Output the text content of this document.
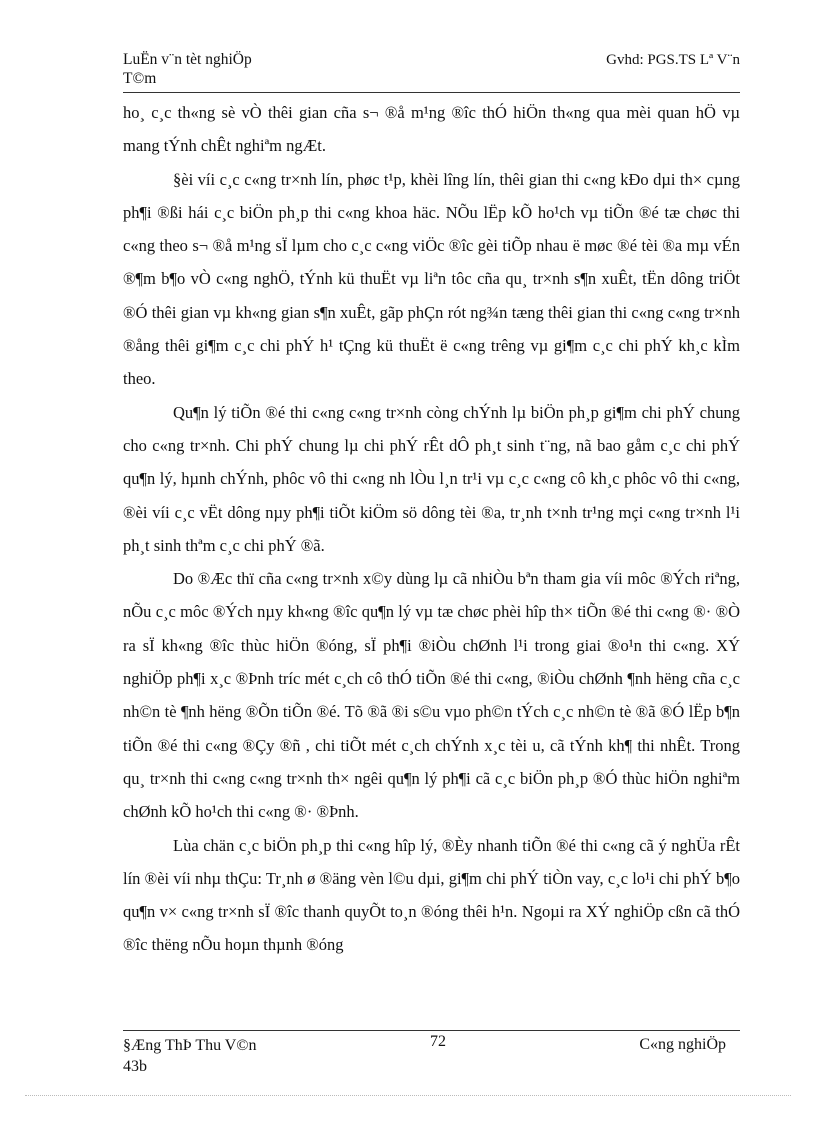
LuËn v¨n tèt nghiÖp
T©m
Gvhd: PGS.TS Lª V¨n

ho¸ c¸c th«ng sè vÒ thêi gian cña s¬ ®å m¹ng ®îc thÓ hiÖn th«ng qua mèi quan hÖ vµ mang tÝnh chÊt nghiªm ngÆt.

§èi víi c¸c c«ng tr×nh lín, phøc t¹p, khèi lîng lín, thêi gian thi c«ng kÐo dµi th× cµng ph¶i ®ßi hái c¸c biÖn ph¸p thi c«ng khoa häc. NÕu lËp kÕ ho¹ch vµ tiÕn ®é tæ chøc thi c«ng theo s¬ ®å m¹ng sÏ lµm cho c¸c c«ng viÖc ®îc gèi tiÕp nhau ë møc ®é tèi ®a mµ vÉn ®¶m b¶o vÒ c«ng nghÖ, tÝnh kü thuËt vµ liªn tôc cña qu¸ tr×nh s¶n xuÊt, tËn dông triÖt ®Ó thêi gian vµ kh«ng gian s¶n xuÊt, gãp phÇn rót ng¾n tæng thêi gian thi c«ng c«ng tr×nh ®ång thêi gi¶m c¸c chi phÝ h¹ tÇng kü thuËt ë c«ng trêng vµ gi¶m c¸c chi phÝ kh¸c kÌm theo.

Qu¶n lý tiÕn ®é thi c«ng c«ng tr×nh còng chÝnh lµ biÖn ph¸p gi¶m chi phÝ chung cho c«ng tr×nh. Chi phÝ chung lµ chi phÝ rÊt dÔ ph¸t sinh t¨ng, nã bao gåm c¸c chi phÝ qu¶n lý, hµnh chÝnh, phôc vô thi c«ng nh lÒu l¸n tr¹i vµ c¸c c«ng cô kh¸c phôc vô thi c«ng, ®èi víi c¸c vËt dông nµy ph¶i tiÕt kiÖm sö dông tèi ®a, tr¸nh t×nh tr¹ng mçi c«ng tr×nh l¹i ph¸t sinh thªm c¸c chi phÝ ®ã.

Do ®Æc thï cña c«ng tr×nh x©y dùng lµ cã nhiÒu bªn tham gia víi môc ®Ých riªng, nÕu c¸c môc ®Ých nµy kh«ng ®îc qu¶n lý vµ tæ chøc phèi hîp th× tiÕn ®é thi c«ng ®· ®Ò ra sÏ kh«ng ®îc thùc hiÖn ®óng, sÏ ph¶i ®iÒu chØnh l¹i trong giai ®o¹n thi c«ng. XÝ nghiÖp ph¶i x¸c ®Þnh tríc mét c¸ch cô thÓ tiÕn ®é thi c«ng, ®iÒu chØnh ¶nh hëng cña c¸c nh©n tè ¶nh hëng ®Õn tiÕn ®é. Tõ ®ã ®i s©u vµo ph©n tÝch c¸c nh©n tè ®ã ®Ó lËp b¶n tiÕn ®é thi c«ng ®Çy ®ñ , chi tiÕt mét c¸ch chÝnh x¸c tèi u, cã tÝnh kh¶ thi nhÊt. Trong qu¸ tr×nh thi c«ng c«ng tr×nh th× ngêi qu¶n lý ph¶i cã c¸c biÖn ph¸p ®Ó thùc hiÖn nghiªm chØnh kÕ ho¹ch thi c«ng ®· ®Þnh.

Lùa chän c¸c biÖn ph¸p thi c«ng hîp lý, ®Èy nhanh tiÕn ®é thi c«ng cã ý nghÜa rÊt lín ®èi víi nhµ thÇu: Tr¸nh ø ®äng vèn l©u dµi, gi¶m chi phÝ tiÒn vay, c¸c lo¹i chi phÝ b¶o qu¶n v× c«ng tr×nh sÏ ®îc thanh quyÕt to¸n ®óng thêi h¹n. Ngoµi ra XÝ nghiÖp cßn cã thÓ ®îc thëng nÕu hoµn thµnh ®óng

§Æng ThÞ Thu V©n
43b
72	C«ng nghiÖp
